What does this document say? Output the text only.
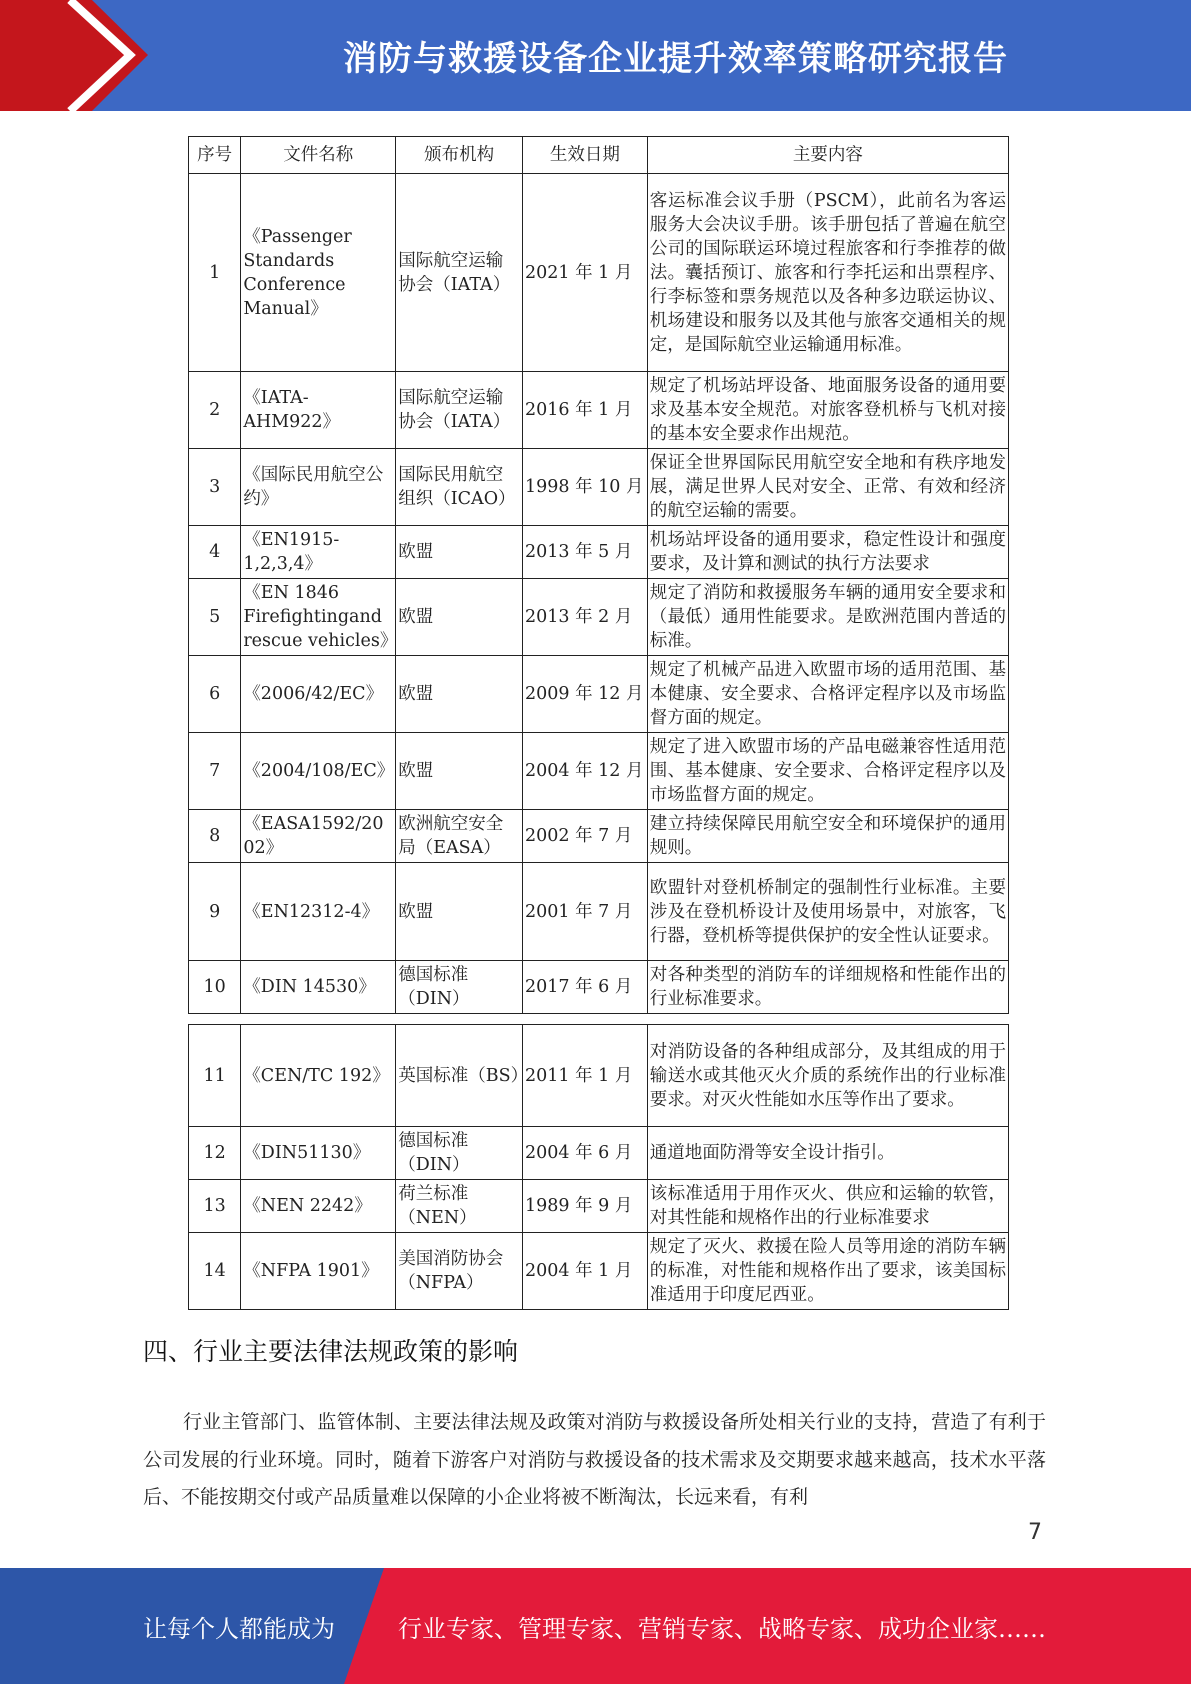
消防与救援设备企业提升效率策略研究报告
序号	文件名称	颁布机构	生效日期	主要内容
1	《Passenger Standards Conference Manual》	国际航空运输协会（IATA）	2021 年 1 月	客运标准会议手册（PSCM），此前名为客运服务大会决议手册。该手册包括了普遍在航空公司的国际联运环境过程旅客和行李推荐的做法。囊括预订、旅客和行李托运和出票程序、行李标签和票务规范以及各种多边联运协议、机场建设和服务以及其他与旅客交通相关的规定，是国际航空业运输通用标准。
2	《IATA-AHM922》	国际航空运输协会（IATA）	2016 年 1 月	规定了机场站坪设备、地面服务设备的通用要求及基本安全规范。对旅客登机桥与飞机对接的基本安全要求作出规范。
3	《国际民用航空公约》	国际民用航空组织（ICAO）	1998 年 10 月	保证全世界国际民用航空安全地和有秩序地发展，满足世界人民对安全、正常、有效和经济的航空运输的需要。
4	《EN1915-1,2,3,4》	欧盟	2013 年 5 月	机场站坪设备的通用要求，稳定性设计和强度要求，及计算和测试的执行方法要求
5	《EN 1846 Firefightingand rescue vehicles》	欧盟	2013 年 2 月	规定了消防和救援服务车辆的通用安全要求和（最低）通用性能要求。是欧洲范围内普适的标准。
6	《2006/42/EC》	欧盟	2009 年 12 月	规定了机械产品进入欧盟市场的适用范围、基本健康、安全要求、合格评定程序以及市场监督方面的规定。
7	《2004/108/EC》	欧盟	2004 年 12 月	规定了进入欧盟市场的产品电磁兼容性适用范围、基本健康、安全要求、合格评定程序以及市场监督方面的规定。
8	《EASA1592/2002》	欧洲航空安全局（EASA）	2002 年 7 月	建立持续保障民用航空安全和环境保护的通用规则。
9	《EN12312-4》	欧盟	2001 年 7 月	欧盟针对登机桥制定的强制性行业标准。主要涉及在登机桥设计及使用场景中，对旅客，飞行器，登机桥等提供保护的安全性认证要求。
10	《DIN 14530》	德国标准（DIN）	2017 年 6 月	对各种类型的消防车的详细规格和性能作出的行业标准要求。
11	《CEN/TC 192》	英国标准（BS）	2011 年 1 月	对消防设备的各种组成部分，及其组成的用于输送水或其他灭火介质的系统作出的行业标准要求。对灭火性能如水压等作出了要求。
12	《DIN51130》	德国标准（DIN）	2004 年 6 月	通道地面防滑等安全设计指引。
13	《NEN 2242》	荷兰标准（NEN）	1989 年 9 月	该标准适用于用作灭火、供应和运输的软管，对其性能和规格作出的行业标准要求
14	《NFPA 1901》	美国消防协会（NFPA）	2004 年 1 月	规定了灭火、救援在险人员等用途的消防车辆的标准，对性能和规格作出了要求，该美国标准适用于印度尼西亚。
四、行业主要法律法规政策的影响
行业主管部门、监管体制、主要法律法规及政策对消防与救援设备所处相关行业的支持，营造了有利于公司发展的行业环境。同时，随着下游客户对消防与救援设备的技术需求及交期要求越来越高，技术水平落后、不能按期交付或产品质量难以保障的小企业将被不断淘汰，长远来看，有利
7
让每个人都能成为	行业专家、管理专家、营销专家、战略专家、成功企业家……
